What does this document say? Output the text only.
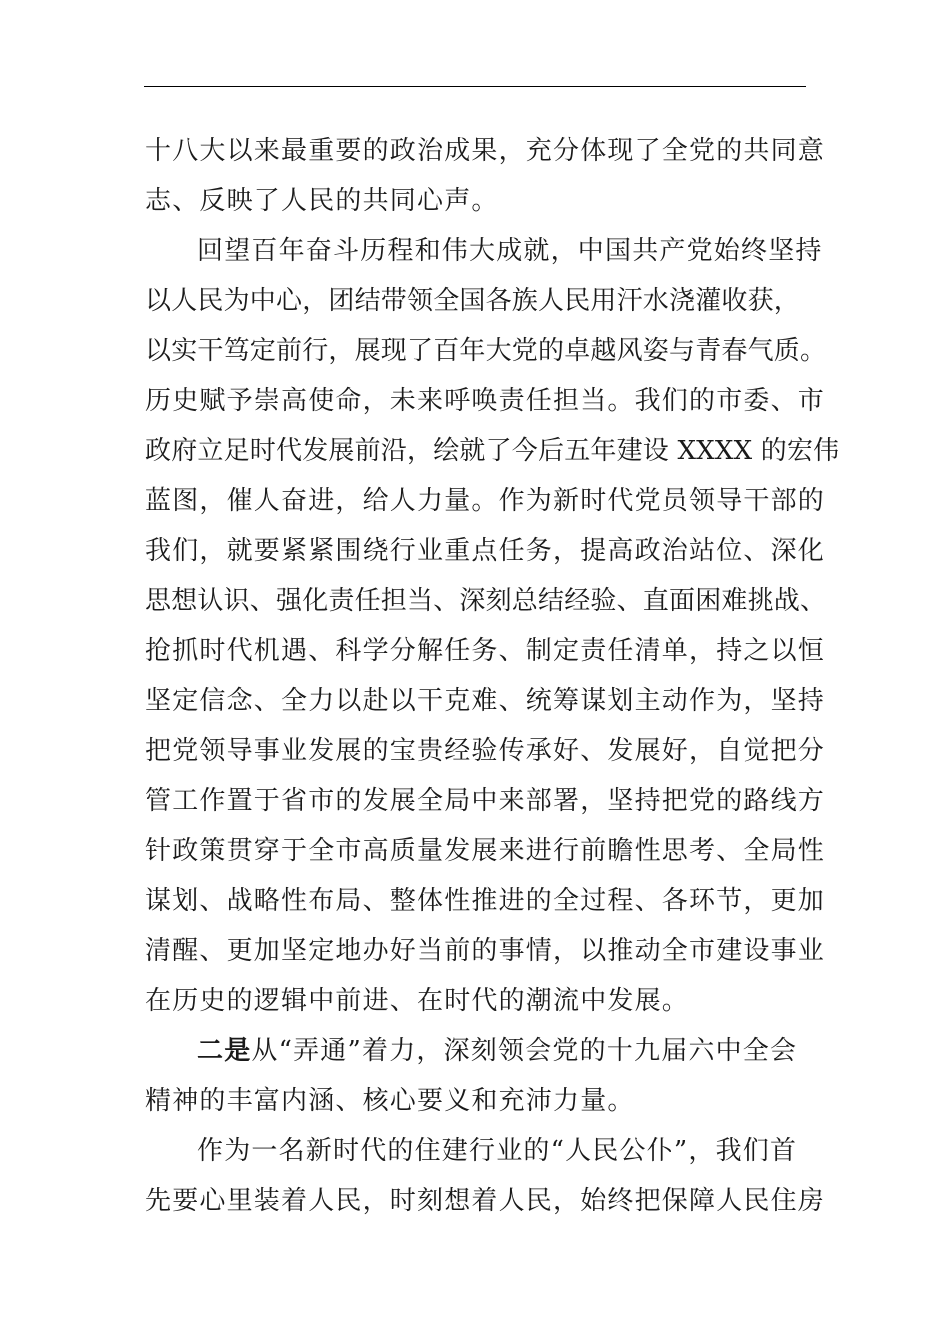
十八大以来最重要的政治成果，充分体现了全党的共同意
志、反映了人民的共同心声。
回望百年奋斗历程和伟大成就，中国共产党始终坚持
以人民为中心，团结带领全国各族人民用汗水浇灌收获，
以实干笃定前行，展现了百年大党的卓越风姿与青春气质。
历史赋予崇高使命，未来呼唤责任担当。我们的市委、市
政府立足时代发展前沿，绘就了今后五年建设 XXXX 的宏伟
蓝图，催人奋进，给人力量。作为新时代党员领导干部的
我们，就要紧紧围绕行业重点任务，提高政治站位、深化
思想认识、强化责任担当、深刻总结经验、直面困难挑战、
抢抓时代机遇、科学分解任务、制定责任清单，持之以恒
坚定信念、全力以赴以干克难、统筹谋划主动作为，坚持
把党领导事业发展的宝贵经验传承好、发展好，自觉把分
管工作置于省市的发展全局中来部署，坚持把党的路线方
针政策贯穿于全市高质量发展来进行前瞻性思考、全局性
谋划、战略性布局、整体性推进的全过程、各环节，更加
清醒、更加坚定地办好当前的事情，以推动全市建设事业
在历史的逻辑中前进、在时代的潮流中发展。
二是从“弄通”着力，深刻领会党的十九届六中全会
精神的丰富内涵、核心要义和充沛力量。
作为一名新时代的住建行业的“人民公仆”，我们首
先要心里装着人民，时刻想着人民，始终把保障人民住房
